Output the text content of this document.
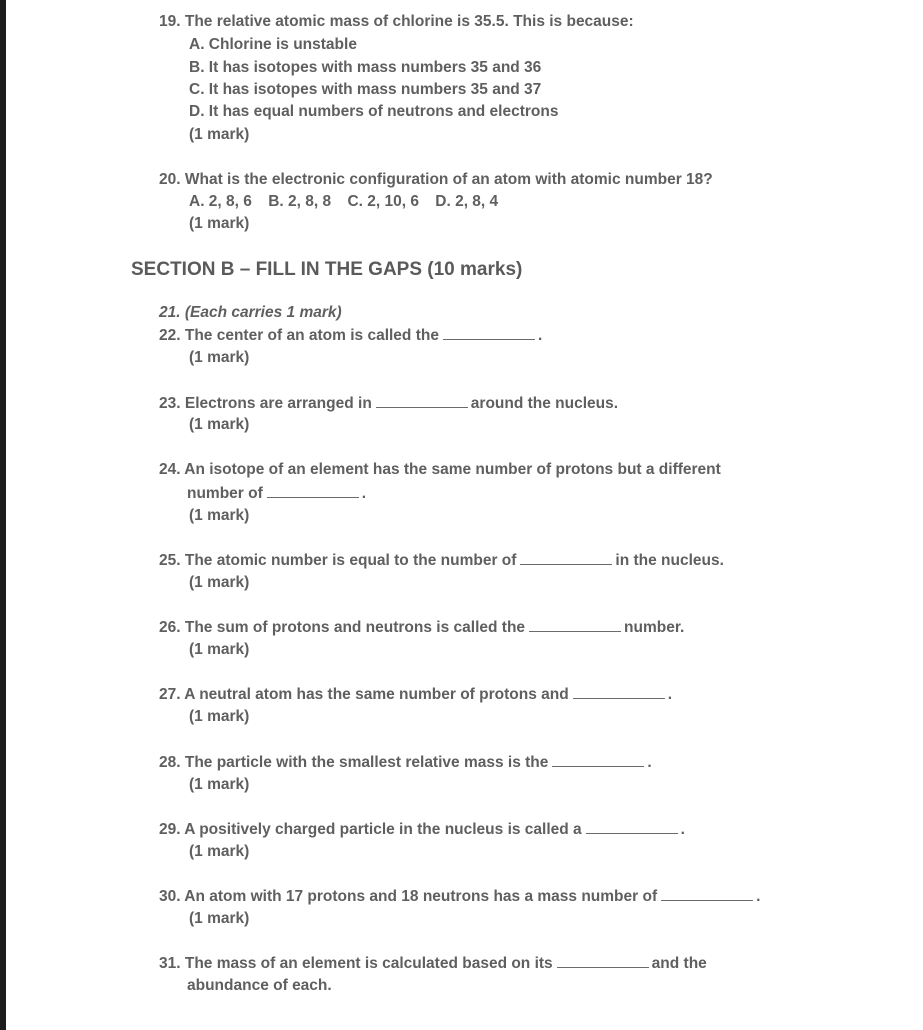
19. The relative atomic mass of chlorine is 35.5. This is because:
A. Chlorine is unstable
B. It has isotopes with mass numbers 35 and 36
C. It has isotopes with mass numbers 35 and 37
D. It has equal numbers of neutrons and electrons
(1 mark)
20. What is the electronic configuration of an atom with atomic number 18?
A. 2, 8, 6 B. 2, 8, 8 C. 2, 10, 6 D. 2, 8, 4
(1 mark)
SECTION B – FILL IN THE GAPS (10 marks)
21. (Each carries 1 mark)
22. The center of an atom is called the	.
(1 mark)
23. Electrons are arranged in	around the nucleus.
(1 mark)
24. An isotope of an element has the same number of protons but a different
number of	.
(1 mark)
25. The atomic number is equal to the number of	in the nucleus.
(1 mark)
26. The sum of protons and neutrons is called the	number.
(1 mark)
27. A neutral atom has the same number of protons and	.
(1 mark)
28. The particle with the smallest relative mass is the	.
(1 mark)
29. A positively charged particle in the nucleus is called a	.
(1 mark)
30. An atom with 17 protons and 18 neutrons has a mass number of	.
(1 mark)
31. The mass of an element is calculated based on its	and the
abundance of each.
